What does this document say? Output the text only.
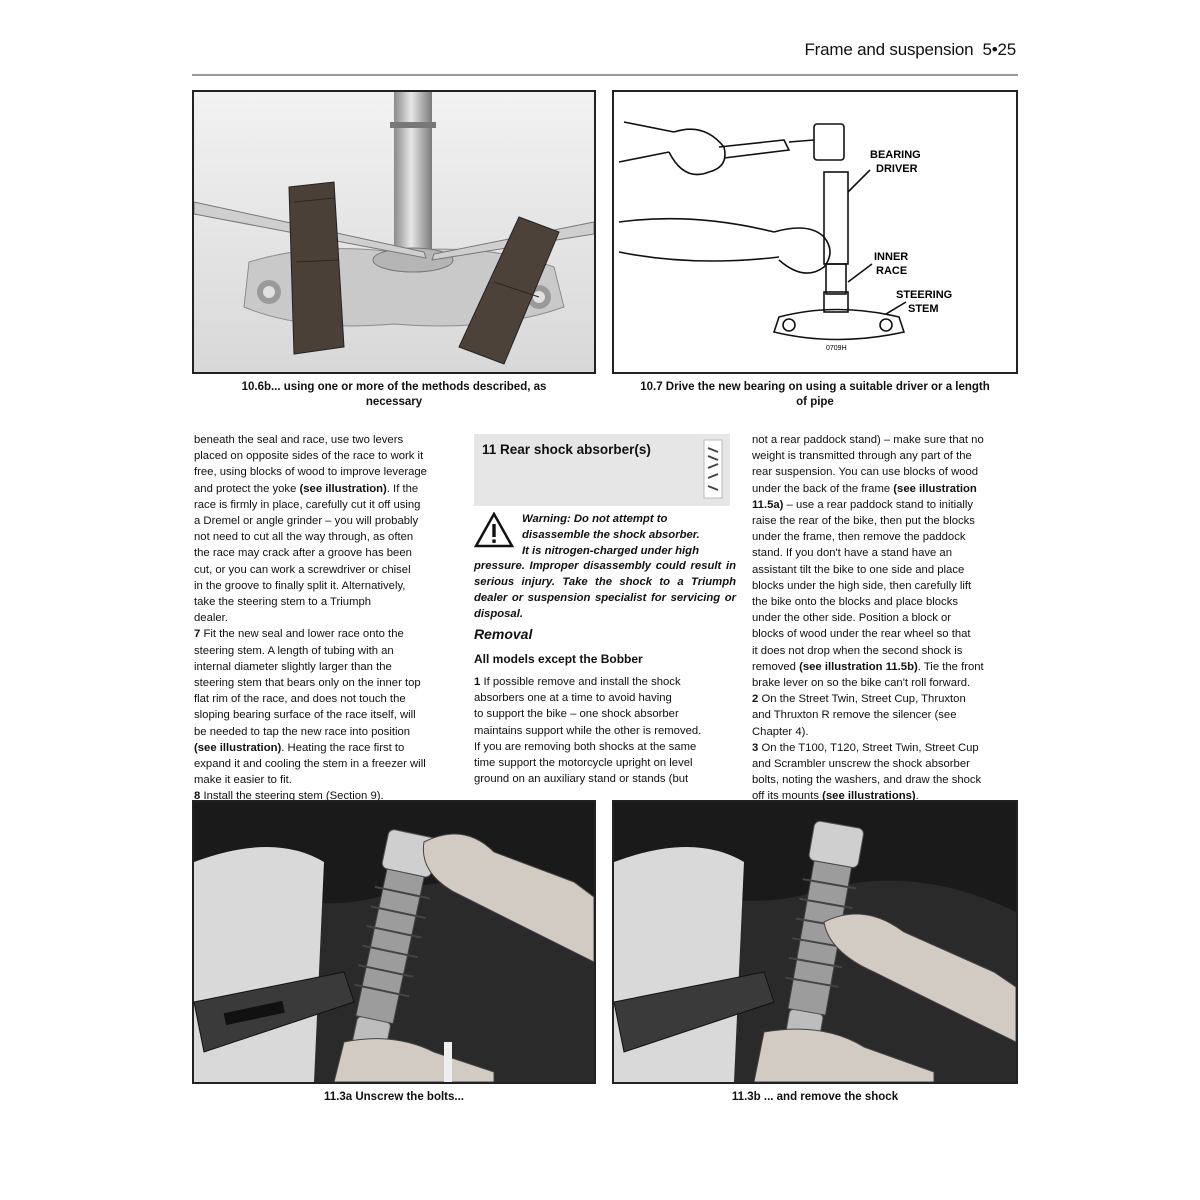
Frame and suspension 5•25
BEARING
DRIVER
INNER
RACE
STEERING
STEM
0709H
10.6b... using one or more of the methods described, as
necessary
10.7 Drive the new bearing on using a suitable driver or a length
of pipe

beneath the seal and race, use two levers

placed on opposite sides of the race to work it

free, using blocks of wood to improve leverage

and protect the yoke (see illustration). If the

race is firmly in place, carefully cut it off using

a Dremel or angle grinder – you will probably

not need to cut all the way through, as often

the race may crack after a groove has been

cut, or you can work a screwdriver or chisel

in the groove to finally split it. Alternatively,

take the steering stem to a Triumph

dealer.

7 Fit the new seal and lower race onto the

steering stem. A length of tubing with an

internal diameter slightly larger than the

steering stem that bears only on the inner top

flat rim of the race, and does not touch the

sloping bearing surface of the race itself, will

be needed to tap the new race into position

(see illustration). Heating the race first to

expand it and cooling the stem in a freezer will

make it easier to fit.

8 Install the steering stem (Section 9).

11 Rear shock absorber(s)
Warning: Do not attempt to
disassemble the shock absorber.
It is nitrogen-charged under high
pressure. Improper disassembly could result in serious injury. Take the shock to a Triumph dealer or suspension specialist for servicing or disposal.
Removal
All models except the Bobber

1 If possible remove and install the shock

absorbers one at a time to avoid having

to support the bike – one shock absorber

maintains support while the other is removed.

If you are removing both shocks at the same

time support the motorcycle upright on level

ground on an auxiliary stand or stands (but

not a rear paddock stand) – make sure that no

weight is transmitted through any part of the

rear suspension. You can use blocks of wood

under the back of the frame (see illustration

11.5a) – use a rear paddock stand to initially

raise the rear of the bike, then put the blocks

under the frame, then remove the paddock

stand. If you don't have a stand have an

assistant tilt the bike to one side and place

blocks under the high side, then carefully lift

the bike onto the blocks and place blocks

under the other side. Position a block or

blocks of wood under the rear wheel so that

it does not drop when the second shock is

removed (see illustration 11.5b). Tie the front

brake lever on so the bike can't roll forward.

2 On the Street Twin, Street Cup, Thruxton

and Thruxton R remove the silencer (see

Chapter 4).

3 On the T100, T120, Street Twin, Street Cup

and Scrambler unscrew the shock absorber

bolts, noting the washers, and draw the shock

off its mounts (see illustrations).

11.3a Unscrew the bolts...	11.3b ... and remove the shock
